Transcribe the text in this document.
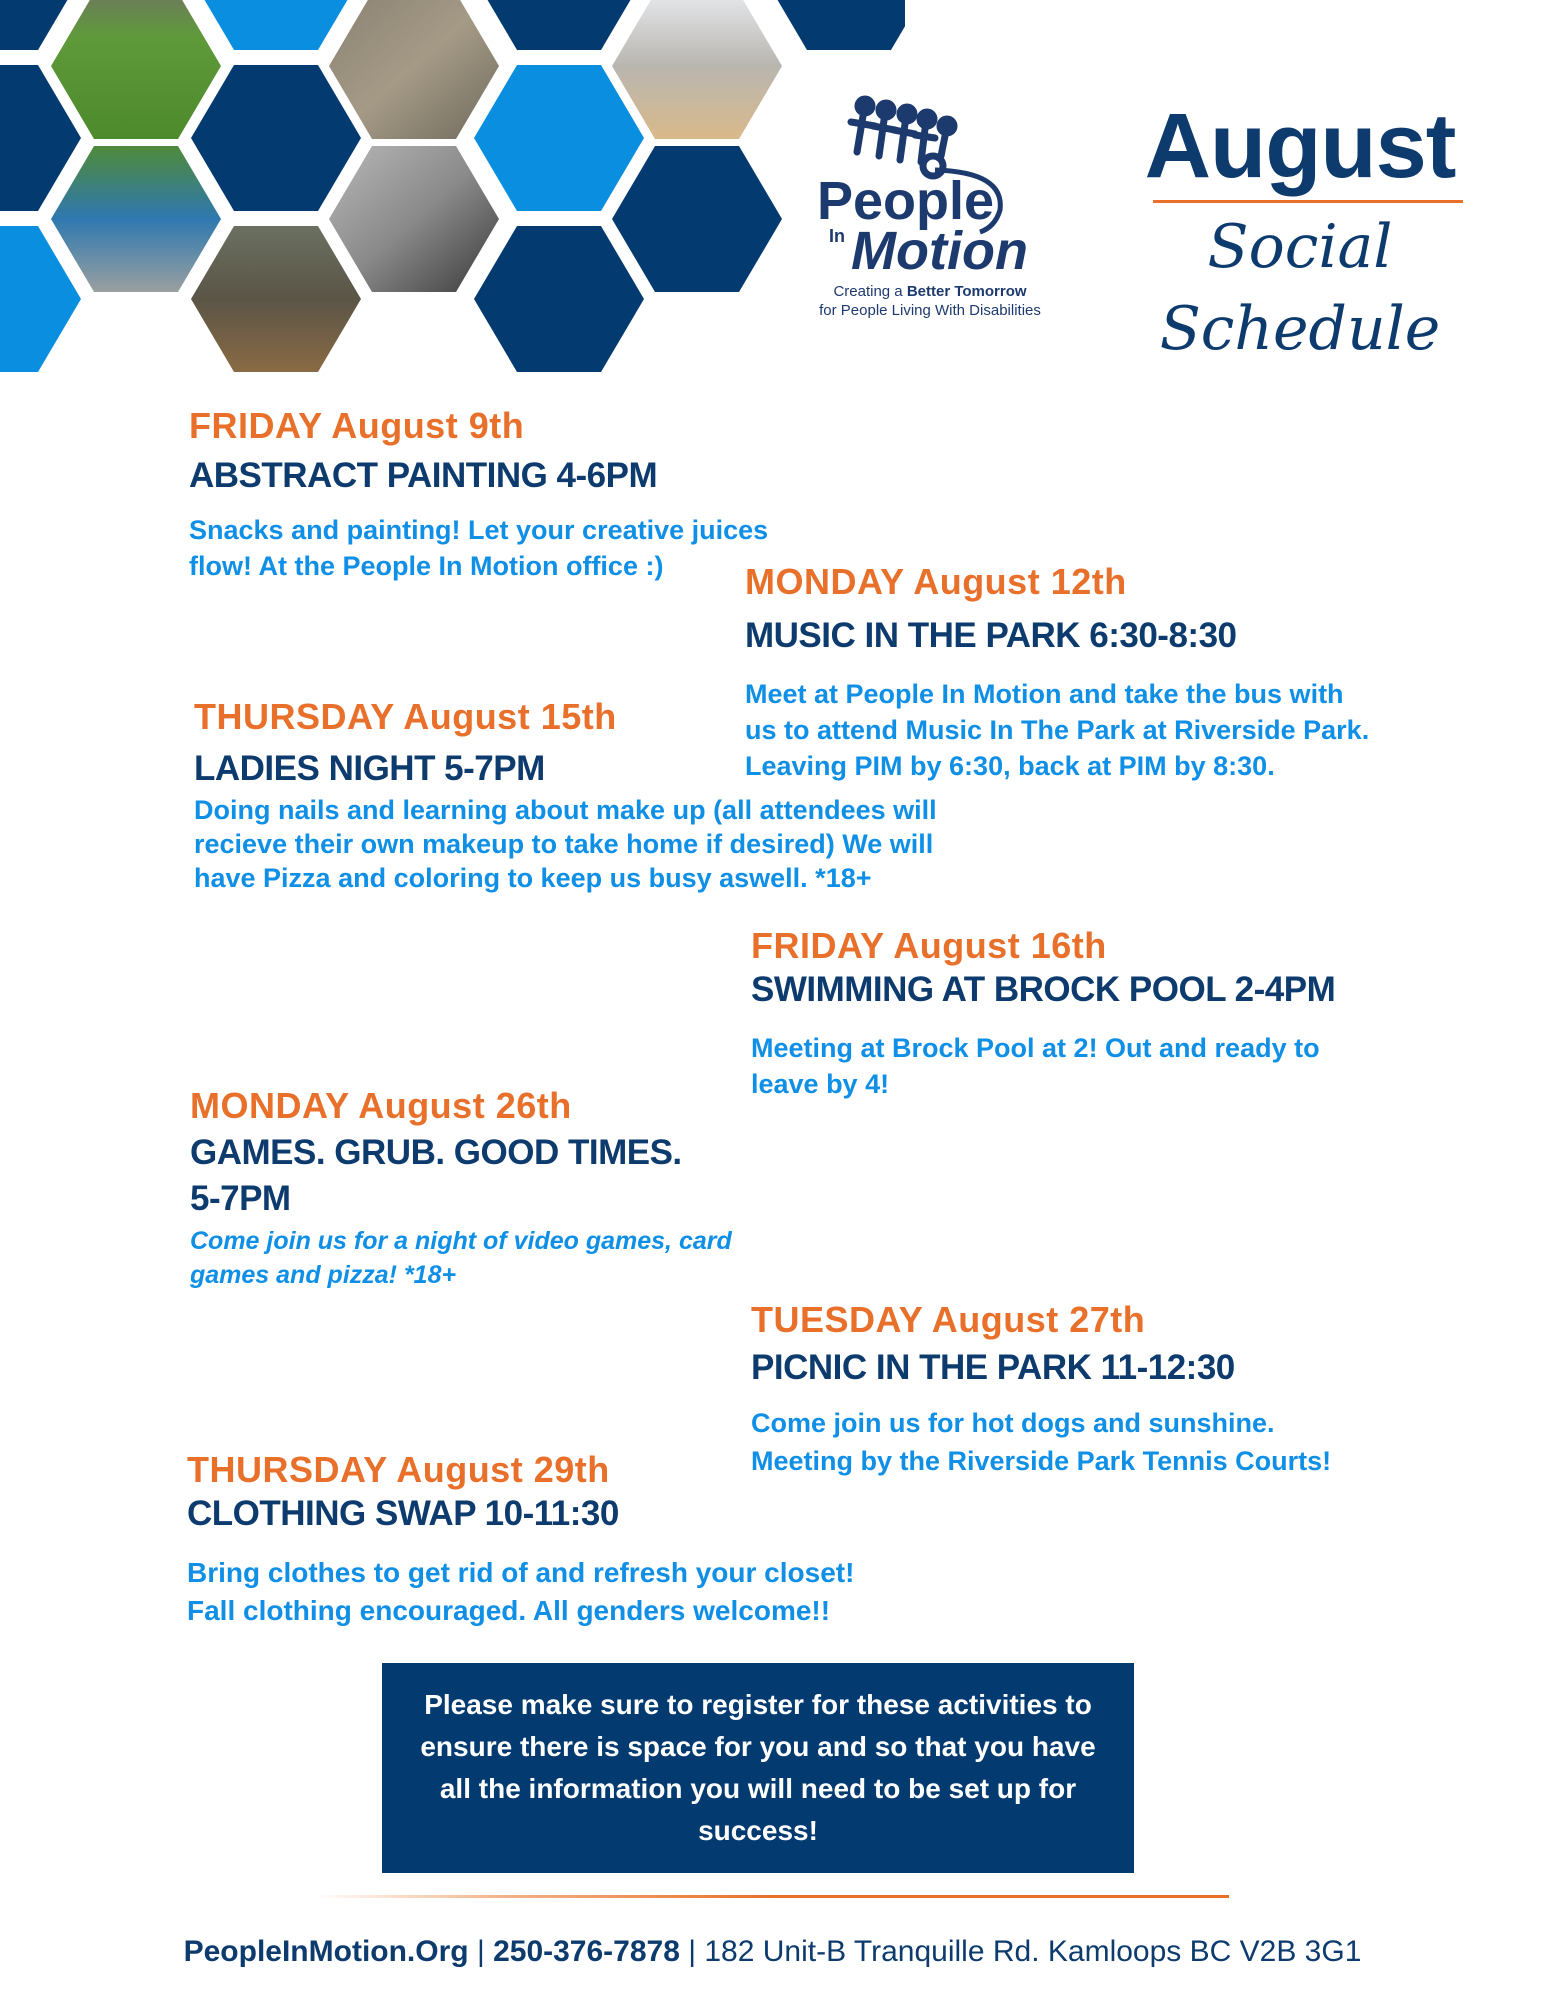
People
In Motion
Creating a Better Tomorrow
for People Living With Disabilities
August
Social
Schedule
FRIDAY August 9th
ABSTRACT PAINTING 4-6PM
Snacks and painting! Let your creative juices
flow! At the People In Motion office :)	MONDAY August 12th
MUSIC IN THE PARK 6:30-8:30
Meet at People In Motion and take the bus with
us to attend Music In The Park at Riverside Park.
Leaving PIM by 6:30, back at PIM by 8:30.
THURSDAY August 15th
LADIES NIGHT 5-7PM
Doing nails and learning about make up (all attendees will
recieve their own makeup to take home if desired) We will
have Pizza and coloring to keep us busy aswell. *18+
FRIDAY August 16th
SWIMMING AT BROCK POOL 2-4PM
Meeting at Brock Pool at 2! Out and ready to
leave by 4!
MONDAY August 26th
GAMES. GRUB. GOOD TIMES.
5-7PM
Come join us for a night of video games, card
games and pizza! *18+
TUESDAY August 27th
PICNIC IN THE PARK 11-12:30
Come join us for hot dogs and sunshine.
Meeting by the Riverside Park Tennis Courts!
THURSDAY August 29th
CLOTHING SWAP 10-11:30
Bring clothes to get rid of and refresh your closet!
Fall clothing encouraged. All genders welcome!!
Please make sure to register for these activities to
ensure there is space for you and so that you have
all the information you will need to be set up for
success!
PeopleInMotion.Org | 250-376-7878 | 182 Unit-B Tranquille Rd. Kamloops BC V2B 3G1
